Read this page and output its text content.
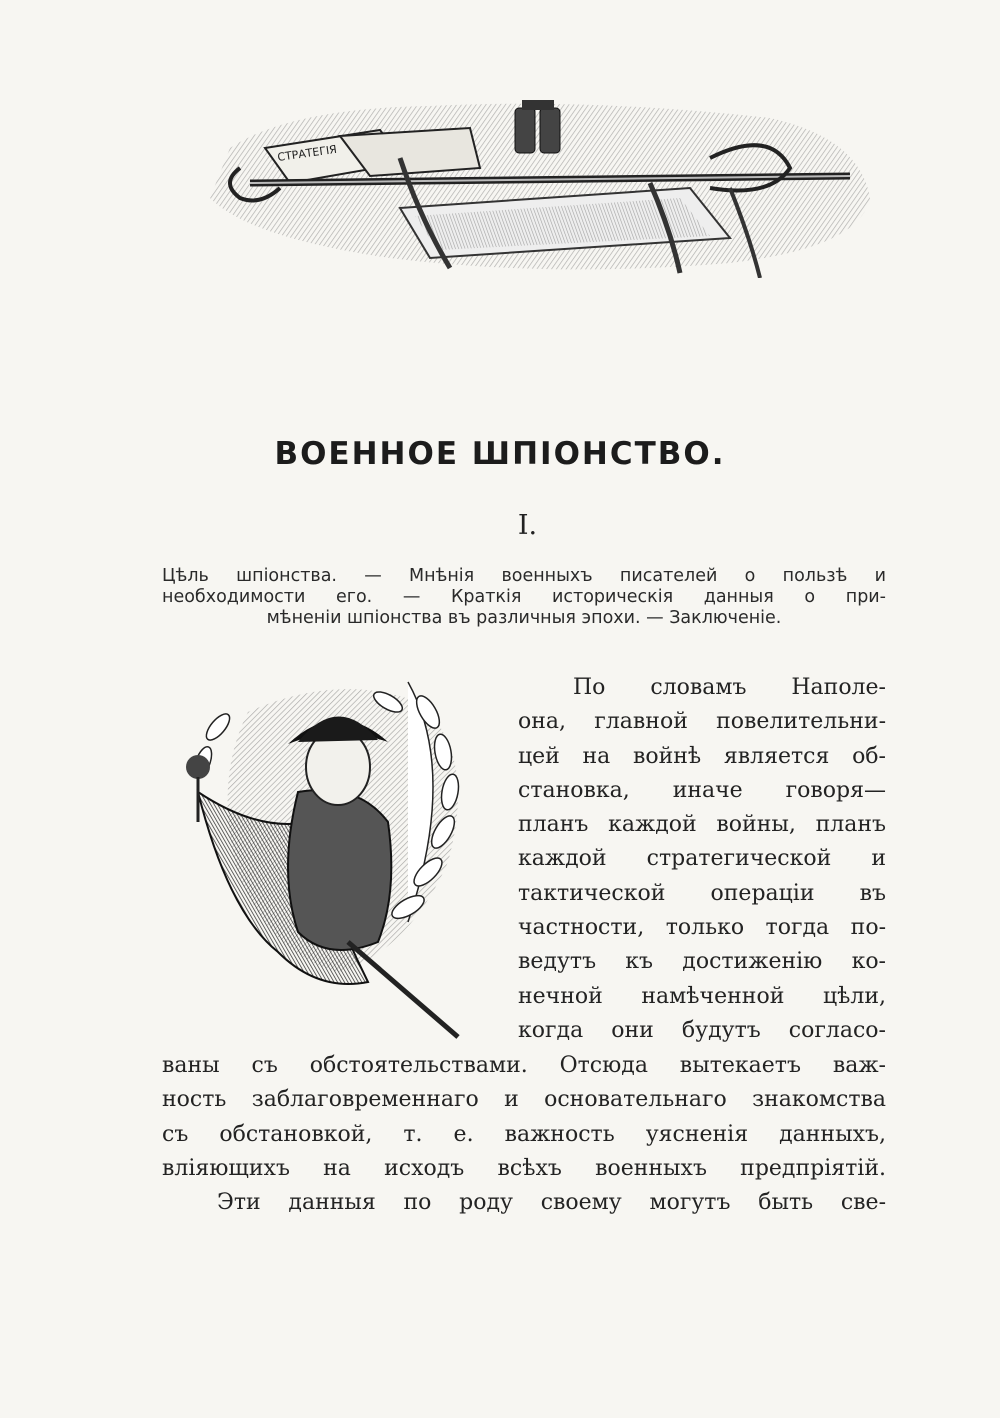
СТРАТЕГІЯ
ВОЕННОЕ ШПІОНСТВО.
I.
Цѣль шпіонства. — Мнѣнія военныхъ писателей о пользѣ и
необходимости его. — Краткія историческія данныя о при-
мѣненіи шпіонства въ различныя эпохи. — Заключеніе.
По словамъ Наполе-
она, главной повелительни-
цей на войнѣ является об-
становка, иначе говоря—
планъ каждой войны, планъ
каждой стратегической и
тактической операціи въ
частности, только тогда по-
ведутъ къ достиженію ко-
нечной намѣченной цѣли,
когда они будутъ согласо-
ваны съ обстоятельствами. Отсюда вытекаетъ важ-
ность заблаговременнаго и основательнаго знакомства
съ обстановкой, т. е. важность уясненія данныхъ,
вліяющихъ на исходъ всѣхъ военныхъ предпріятій.
Эти данныя по роду своему могутъ быть све-
